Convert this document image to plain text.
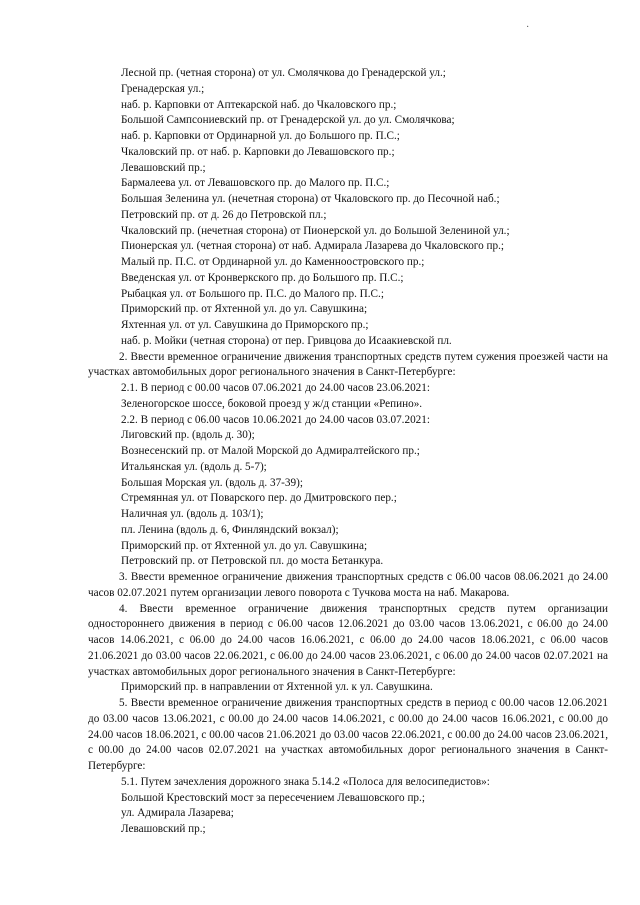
·
Лесной пр. (четная сторона) от ул. Смолячкова до Гренадерской ул.;
Гренадерская ул.;
наб. р. Карповки от Аптекарской наб. до Чкаловского пр.;
Большой Сампсониевский пр. от Гренадерской ул. до ул. Смолячкова;
наб. р. Карповки от Ординарной ул. до Большого пр. П.С.;
Чкаловский пр. от наб. р. Карповки до Левашовского пр.;
Левашовский пр.;
Бармалеева ул. от Левашовского пр. до Малого пр. П.С.;
Большая Зеленина ул. (нечетная сторона) от Чкаловского пр. до Песочной наб.;
Петровский пр. от д. 26 до Петровской пл.;
Чкаловский пр. (нечетная сторона) от Пионерской ул. до Большой Зелениной ул.;
Пионерская ул. (четная сторона) от наб. Адмирала Лазарева до Чкаловского пр.;
Малый пр. П.С. от Ординарной ул. до Каменноостровского пр.;
Введенская ул. от Кронверкского пр. до Большого пр. П.С.;
Рыбацкая ул. от Большого пр. П.С. до Малого пр. П.С.;
Приморский пр. от Яхтенной ул. до ул. Савушкина;
Яхтенная ул. от ул. Савушкина до Приморского пр.;
наб. р. Мойки (четная сторона) от пер. Гривцова до Исаакиевской пл.
2. Ввести временное ограничение движения транспортных средств путем сужения проезжей части на участках автомобильных дорог регионального значения в Санкт-Петербурге:
2.1. В период с 00.00 часов 07.06.2021 до 24.00 часов 23.06.2021:
Зеленогорское шоссе, боковой проезд у ж/д станции «Репино».
2.2. В период с 06.00 часов 10.06.2021 до 24.00 часов 03.07.2021:
Лиговский пр. (вдоль д. 30);
Вознесенский пр. от Малой Морской до Адмиралтейского пр.;
Итальянская ул. (вдоль д. 5-7);
Большая Морская ул. (вдоль д. 37-39);
Стремянная ул. от Поварского пер. до Дмитровского пер.;
Наличная ул. (вдоль д. 103/1);
пл. Ленина (вдоль д. 6, Финляндский вокзал);
Приморский пр. от Яхтенной ул. до ул. Савушкина;
Петровский пр. от Петровской пл. до моста Бетанкура.
3. Ввести временное ограничение движения транспортных средств с 06.00 часов 08.06.2021 до 24.00 часов 02.07.2021 путем организации левого поворота с Тучкова моста на наб. Макарова.
4. Ввести временное ограничение движения транспортных средств путем организации одностороннего движения в период с 06.00 часов 12.06.2021 до 03.00 часов 13.06.2021, с 06.00 до 24.00 часов 14.06.2021, с 06.00 до 24.00 часов 16.06.2021, с 06.00 до 24.00 часов 18.06.2021, с 06.00 часов 21.06.2021 до 03.00 часов 22.06.2021, с 06.00 до 24.00 часов 23.06.2021, с 06.00 до 24.00 часов 02.07.2021 на участках автомобильных дорог регионального значения в Санкт-Петербурге:
Приморский пр. в направлении от Яхтенной ул. к ул. Савушкина.
5. Ввести временное ограничение движения транспортных средств в период с 00.00 часов 12.06.2021 до 03.00 часов 13.06.2021, с 00.00 до 24.00 часов 14.06.2021, с 00.00 до 24.00 часов 16.06.2021, с 00.00 до 24.00 часов 18.06.2021, с 00.00 часов 21.06.2021 до 03.00 часов 22.06.2021, с 00.00 до 24.00 часов 23.06.2021, с 00.00 до 24.00 часов 02.07.2021 на участках автомобильных дорог регионального значения в Санкт-Петербурге:
5.1. Путем зачехления дорожного знака 5.14.2 «Полоса для велосипедистов»:
Большой Крестовский мост за пересечением Левашовского пр.;
ул. Адмирала Лазарева;
Левашовский пр.;
